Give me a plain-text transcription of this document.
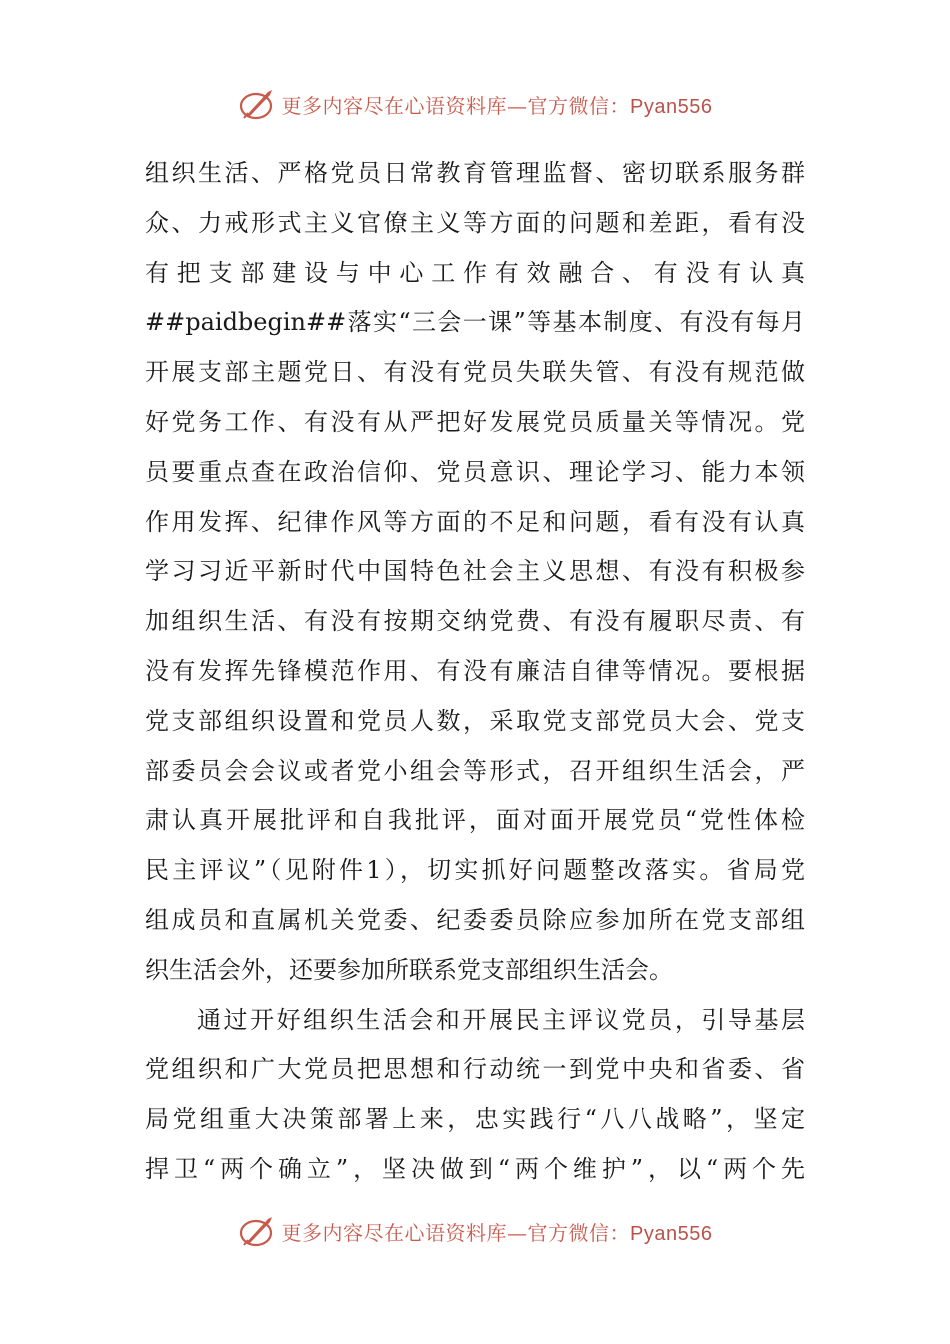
更多内容尽在心语资料库—官方微信：Pyan556
组织生活、严格党员日常教育管理监督、密切联系服务群
众、力戒形式主义官僚主义等方面的问题和差距，看有没
有把支部建设与中心工作有效融合、有没有认真
##paidbegin##落实“三会一课”等基本制度、有没有每月
开展支部主题党日、有没有党员失联失管、有没有规范做
好党务工作、有没有从严把好发展党员质量关等情况。党
员要重点查在政治信仰、党员意识、理论学习、能力本领
作用发挥、纪律作风等方面的不足和问题，看有没有认真
学习习近平新时代中国特色社会主义思想、有没有积极参
加组织生活、有没有按期交纳党费、有没有履职尽责、有
没有发挥先锋模范作用、有没有廉洁自律等情况。要根据
党支部组织设置和党员人数，采取党支部党员大会、党支
部委员会会议或者党小组会等形式，召开组织生活会，严
肃认真开展批评和自我批评，面对面开展党员“党性体检
民主评议”（见附件1），切实抓好问题整改落实。省局党
组成员和直属机关党委、纪委委员除应参加所在党支部组
织生活会外，还要参加所联系党支部组织生活会。
通过开好组织生活会和开展民主评议党员，引导基层
党组织和广大党员把思想和行动统一到党中央和省委、省
局党组重大决策部署上来，忠实践行“八八战略”，坚定
捍卫“两个确立”，坚决做到“两个维护”，以“两个先
更多内容尽在心语资料库—官方微信：Pyan556
